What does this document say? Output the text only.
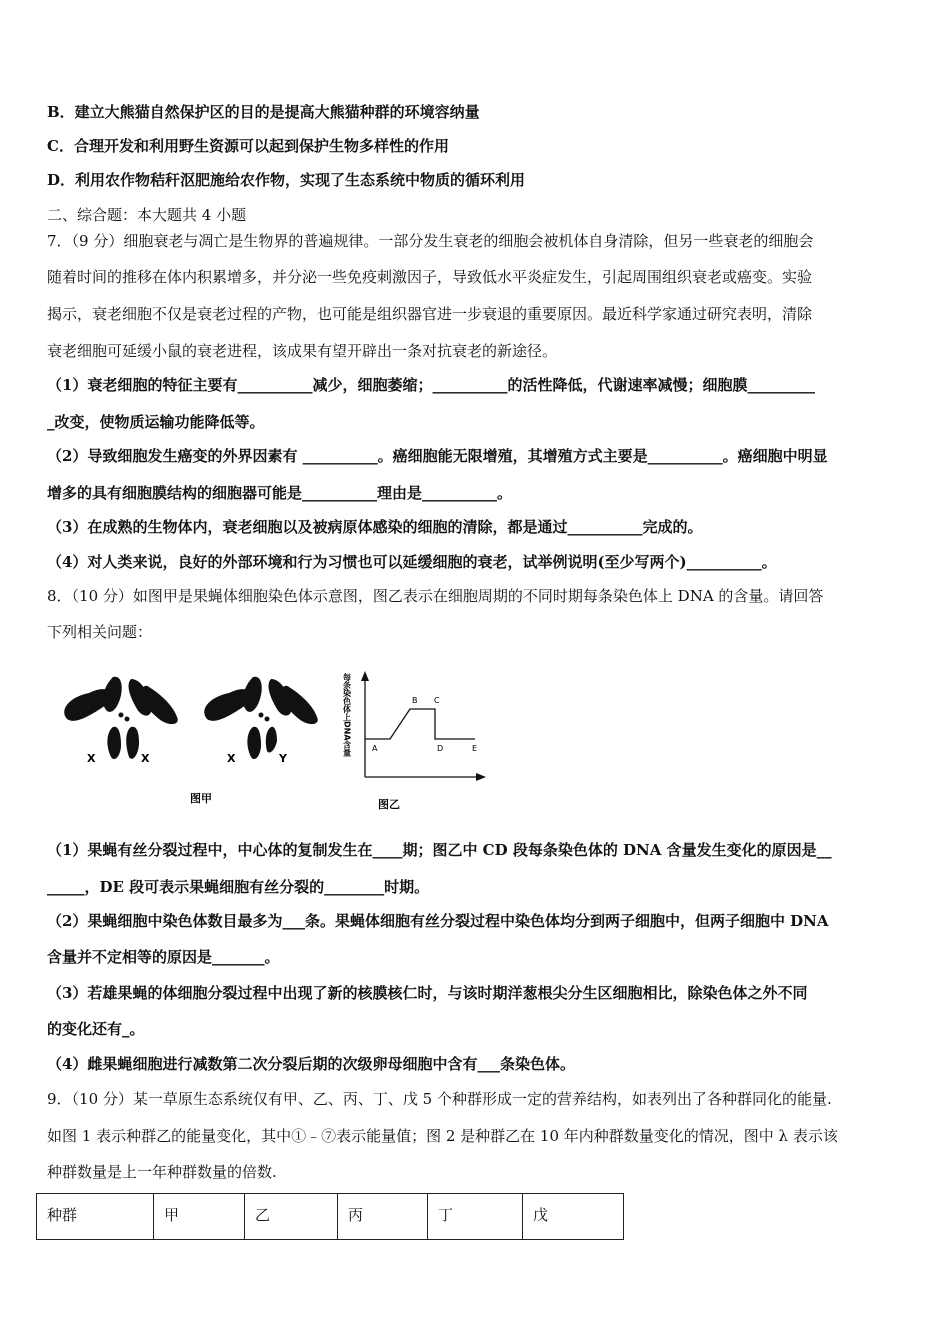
B．建立大熊猫自然保护区的目的是提高大熊猫种群的环境容纳量
C．合理开发和利用野生资源可以起到保护生物多样性的作用
D．利用农作物秸秆沤肥施给农作物，实现了生态系统中物质的循环利用
二、综合题：本大题共 4 小题
7．（9 分）细胞衰老与凋亡是生物界的普遍规律。一部分发生衰老的细胞会被机体自身清除，但另一些衰老的细胞会
随着时间的推移在体内积累增多，并分泌一些免疫刺激因子，导致低水平炎症发生，引起周围组织衰老或癌变。实验
揭示，衰老细胞不仅是衰老过程的产物，也可能是组织器官进一步衰退的重要原因。最近科学家通过研究表明，清除
衰老细胞可延缓小鼠的衰老进程，该成果有望开辟出一条对抗衰老的新途径。
（1）衰老细胞的特征主要有__________减少，细胞萎缩；__________的活性降低，代谢速率减慢；细胞膜_________
_改变，使物质运输功能降低等。
（2）导致细胞发生癌变的外界因素有 __________。癌细胞能无限增殖，其增殖方式主要是__________。癌细胞中明显
增多的具有细胞膜结构的细胞器可能是__________理由是__________。
（3）在成熟的生物体内，衰老细胞以及被病原体感染的细胞的清除，都是通过__________完成的。
（4）对人类来说，良好的外部环境和行为习惯也可以延缓细胞的衰老，试举例说明(至少写两个)__________。
8．（10 分）如图甲是果蝇体细胞染色体示意图，图乙表示在细胞周期的不同时期每条染色体上 DNA 的含量。请回答
下列相关问题：
X	X	X	Y
图甲
每条染色体上DNA含量	A
B C
D	E
图乙
（1）果蝇有丝分裂过程中，中心体的复制发生在____期；图乙中 CD 段每条染色体的 DNA 含量发生变化的原因是__
_____，DE 段可表示果蝇细胞有丝分裂的________时期。
（2）果蝇细胞中染色体数目最多为___条。果蝇体细胞有丝分裂过程中染色体均分到两子细胞中，但两子细胞中 DNA
含量并不定相等的原因是_______。
（3）若雄果蝇的体细胞分裂过程中出现了新的核膜核仁时，与该时期洋葱根尖分生区细胞相比，除染色体之外不同
的变化还有_。
（4）雌果蝇细胞进行减数第二次分裂后期的次级卵母细胞中含有___条染色体。
9．（10 分）某一草原生态系统仅有甲、乙、丙、丁、戊 5 个种群形成一定的营养结构，如表列出了各种群同化的能量.
如图 1 表示种群乙的能量变化，其中①﹣⑦表示能量值；图 2 是种群乙在 10 年内种群数量变化的情况，图中 λ 表示该
种群数量是上一年种群数量的倍数.
种群	甲	乙	丙	丁	戊
